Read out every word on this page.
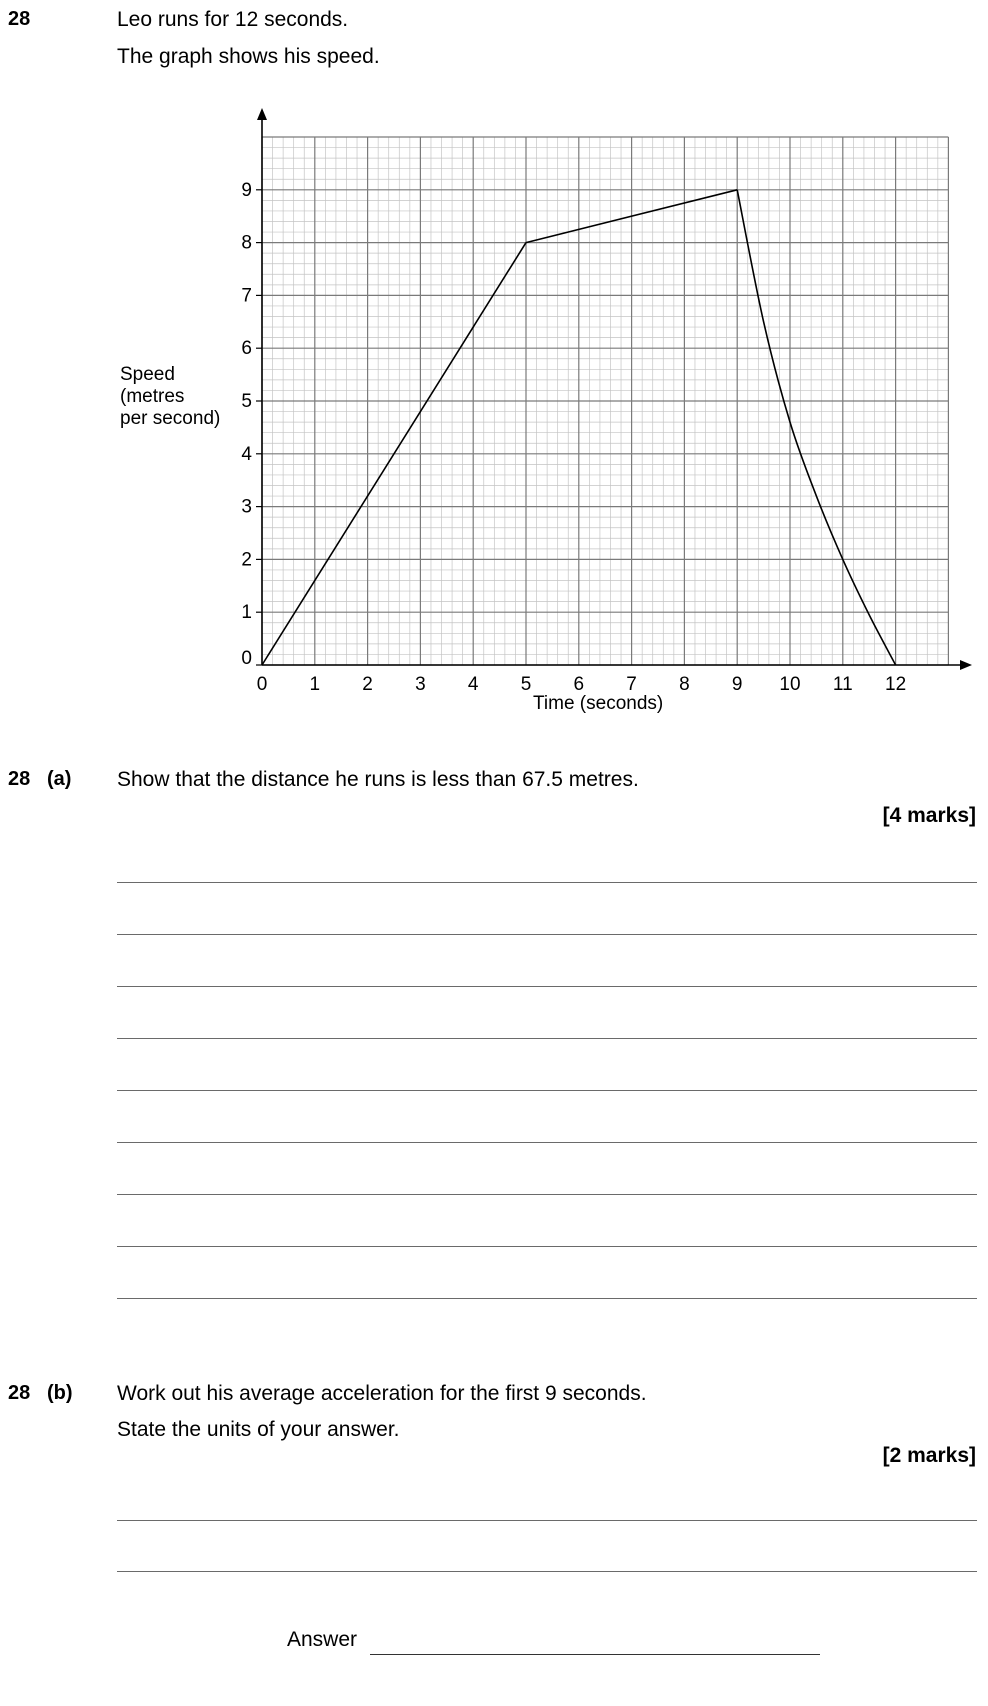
28	Leo runs for 12 seconds.
The graph shows his speed.
0 1 2 3 4 5 6 7 8 9 10 11 12
0
1
2
3
4
5
6
7
8
9
Speed
(metres
per second)
Time (seconds)
28 (a) Show that the distance he runs is less than 67.5 metres.
[4 marks]
28 (b) Work out his average acceleration for the first 9 seconds.
State the units of your answer.
[2 marks]
Answer
